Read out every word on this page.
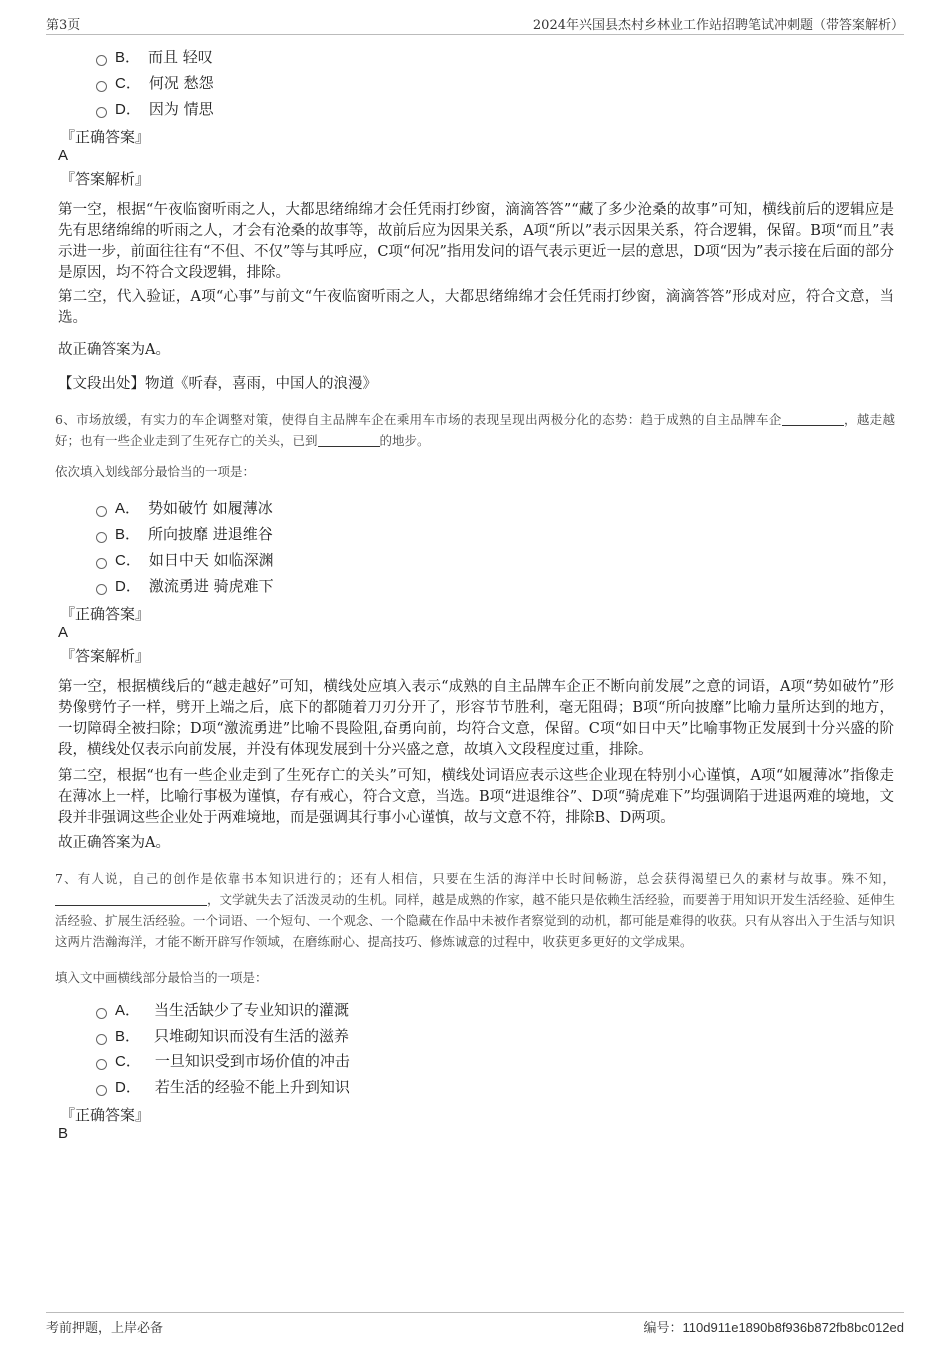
第3页	2024年兴国县杰村乡林业工作站招聘笔试冲刺题（带答案解析）
B． 而且 轻叹
C． 何况 愁怨
D． 因为 情思
『正确答案』
A
『答案解析』
第一空，根据“午夜临窗听雨之人，大都思绪绵绵才会任凭雨打纱窗，滴滴答答”“藏了多少沧桑的故事”可知，横线前后的逻辑应是先有思绪绵绵的听雨之人，才会有沧桑的故事等，故前后应为因果关系，A项“所以”表示因果关系，符合逻辑，保留。B项“而且”表示进一步，前面往往有“不但、不仅”等与其呼应，C项“何况”指用发问的语气表示更近一层的意思，D项“因为”表示接在后面的部分是原因，均不符合文段逻辑，排除。
第二空，代入验证，A项“心事”与前文“午夜临窗听雨之人，大都思绪绵绵才会任凭雨打纱窗，滴滴答答”形成对应，符合文意，当选。
故正确答案为A。
【文段出处】物道《听春，喜雨，中国人的浪漫》
6、市场放缓，有实力的车企调整对策，使得自主品牌车企在乘用车市场的表现呈现出两极分化的态势：趋于成熟的自主品牌车企	，越走越好；也有一些企业走到了生死存亡的关头，已到	的地步。
依次填入划线部分最恰当的一项是：
A． 势如破竹 如履薄冰
B． 所向披靡 进退维谷
C． 如日中天 如临深渊
D． 激流勇进 骑虎难下
『正确答案』
A
『答案解析』
第一空，根据横线后的“越走越好”可知，横线处应填入表示“成熟的自主品牌车企正不断向前发展”之意的词语，A项“势如破竹”形势像劈竹子一样，劈开上端之后，底下的都随着刀刃分开了，形容节节胜利，毫无阻碍；B项“所向披靡”比喻力量所达到的地方，一切障碍全被扫除；D项“激流勇进”比喻不畏险阻,奋勇向前，均符合文意，保留。C项“如日中天”比喻事物正发展到十分兴盛的阶段，横线处仅表示向前发展，并没有体现发展到十分兴盛之意，故填入文段程度过重，排除。
第二空，根据“也有一些企业走到了生死存亡的关头”可知，横线处词语应表示这些企业现在特别小心谨慎，A项“如履薄冰”指像走在薄冰上一样，比喻行事极为谨慎，存有戒心，符合文意，当选。B项“进退维谷”、D项“骑虎难下”均强调陷于进退两难的境地，文段并非强调这些企业处于两难境地，而是强调其行事小心谨慎，故与文意不符，排除B、D两项。
故正确答案为A。
7、有人说，自己的创作是依靠书本知识进行的；还有人相信，只要在生活的海洋中长时间畅游，总会获得渴望已久的素材与故事。殊不知，，文学就失去了活泼灵动的生机。同样，越是成熟的作家，越不能只是依赖生活经验，而要善于用知识开发生活经验、延伸生活经验、扩展生活经验。一个词语、一个短句、一个观念、一个隐藏在作品中未被作者察觉到的动机，都可能是难得的收获。只有从容出入于生活与知识这两片浩瀚海洋，才能不断开辟写作领域，在磨练耐心、提高技巧、修炼诚意的过程中，收获更多更好的文学成果。
填入文中画横线部分最恰当的一项是：
A． 当生活缺少了专业知识的灌溉
B． 只堆砌知识而没有生活的滋养
C． 一旦知识受到市场价值的冲击
D． 若生活的经验不能上升到知识
『正确答案』
B
考前押题，上岸必备	编号：110d911e1890b8f936b872fb8bc012ed
